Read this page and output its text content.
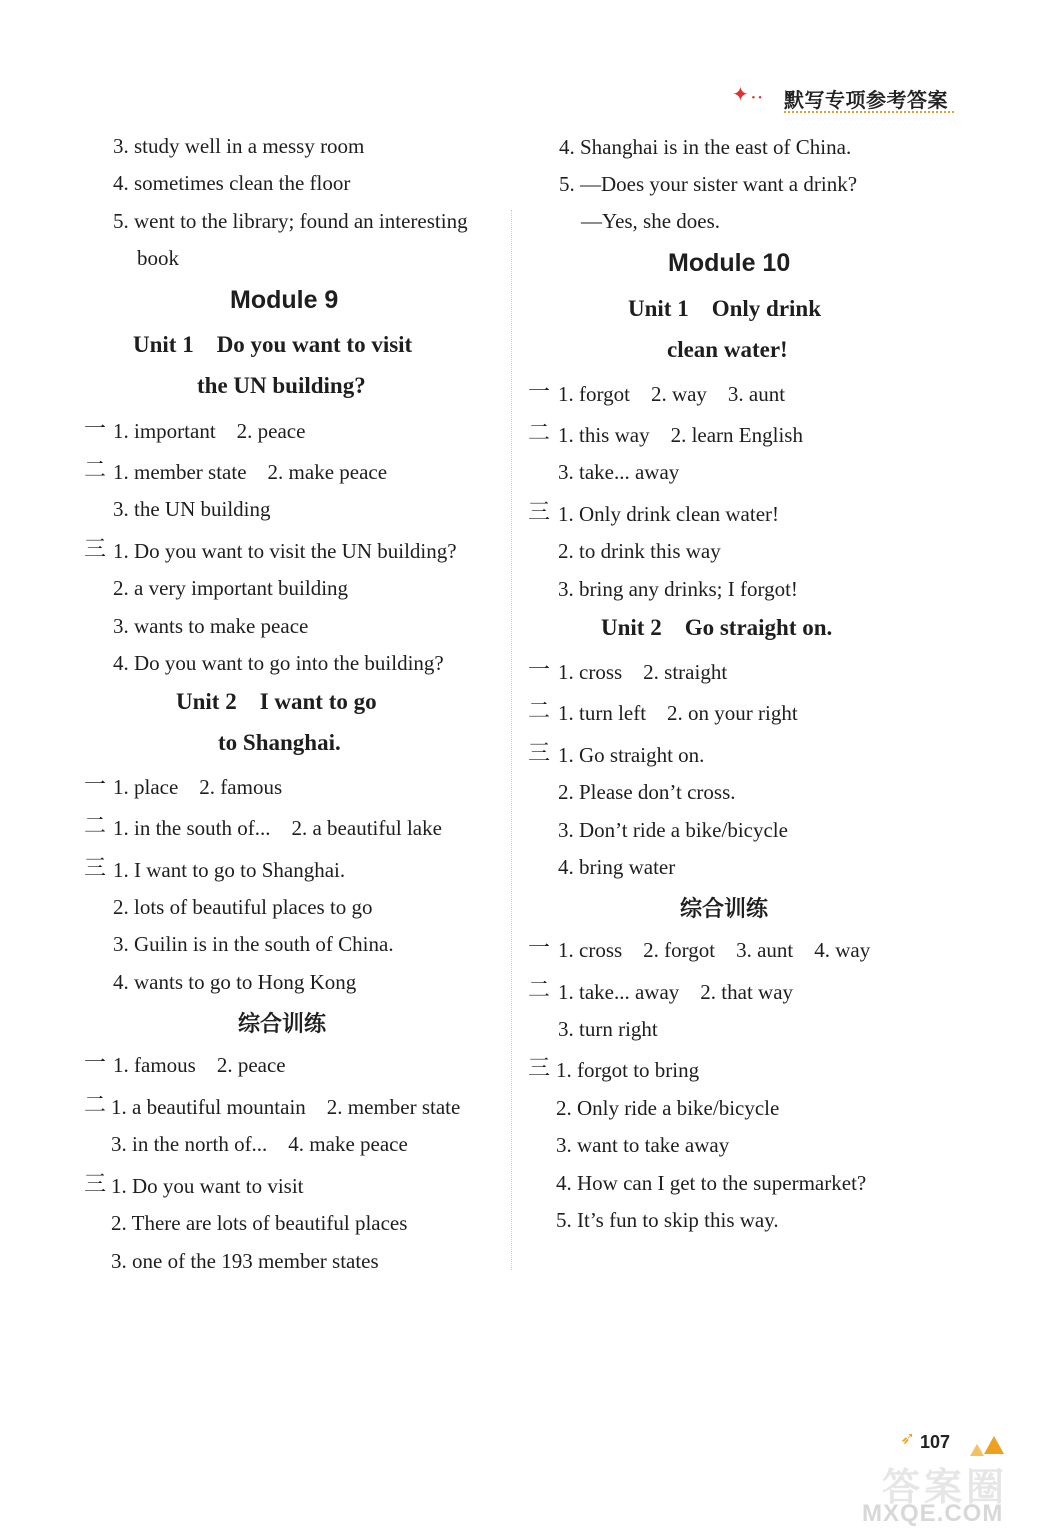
✦ • • 默写专项参考答案
3. study well in a messy room
4. sometimes clean the floor
5. went to the library; found an interesting
book
Module 9
Unit 1    Do you want to visit
the UN building?
一 1. important    2. peace
二 1. member state    2. make peace
3. the UN building
三 1. Do you want to visit the UN building?
2. a very important building
3. wants to make peace
4. Do you want to go into the building?
Unit 2    I want to go
to Shanghai.
一 1. place    2. famous
二 1. in the south of...    2. a beautiful lake
三 1. I want to go to Shanghai.
2. lots of beautiful places to go
3. Guilin is in the south of China.
4. wants to go to Hong Kong
综合训练
一 1. famous    2. peace
二 1. a beautiful mountain    2. member state
3. in the north of...    4. make peace
三 1. Do you want to visit
2. There are lots of beautiful places
3. one of the 193 member states
4. Shanghai is in the east of China.
5. —Does your sister want a drink?
—Yes, she does.
Module 10
Unit 1    Only drink
clean water!
一 1. forgot    2. way    3. aunt
二 1. this way    2. learn English
3. take... away
三 1. Only drink clean water!
2. to drink this way
3. bring any drinks; I forgot!
Unit 2    Go straight on.
一 1. cross    2. straight
二 1. turn left    2. on your right
三 1. Go straight on.
2. Please don’t cross.
3. Don’t ride a bike/bicycle
4. bring water
综合训练
一 1. cross    2. forgot    3. aunt    4. way
二 1. take... away    2. that way
3. turn right
三 1. forgot to bring
2. Only ride a bike/bicycle
3. want to take away
4. How can I get to the supermarket?
5. It’s fun to skip this way.
➶ 107
答案圈
MXQE.COM
